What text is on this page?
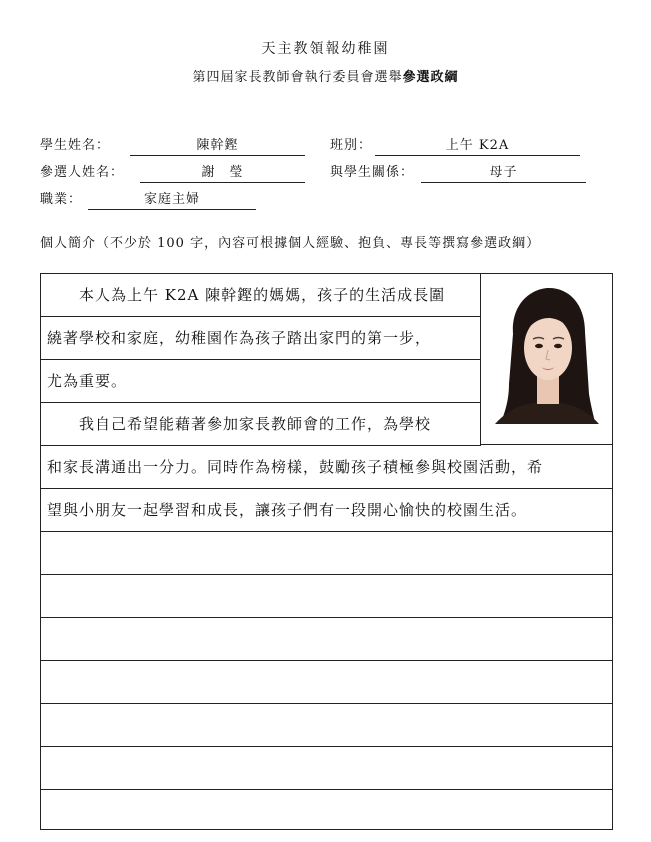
天主教領報幼稚園
第四屆家長教師會執行委員會選舉參選政綱
學生姓名：	陳幹鏗	班別：	上午 K2A
參選人姓名：	謝　瑩	與學生關係：	母子
職業：	家庭主婦
個人簡介（不少於 100 字，內容可根據個人經驗、抱負、專長等撰寫參選政綱）
本人為上午 K2A 陳幹鏗的媽媽，孩子的生活成長圍
繞著學校和家庭，幼稚園作為孩子踏出家門的第一步，
尤為重要。
我自己希望能藉著參加家長教師會的工作，為學校
和家長溝通出一分力。同時作為榜樣，鼓勵孩子積極參與校園活動，希
望與小朋友一起學習和成長，讓孩子們有一段開心愉快的校園生活。
